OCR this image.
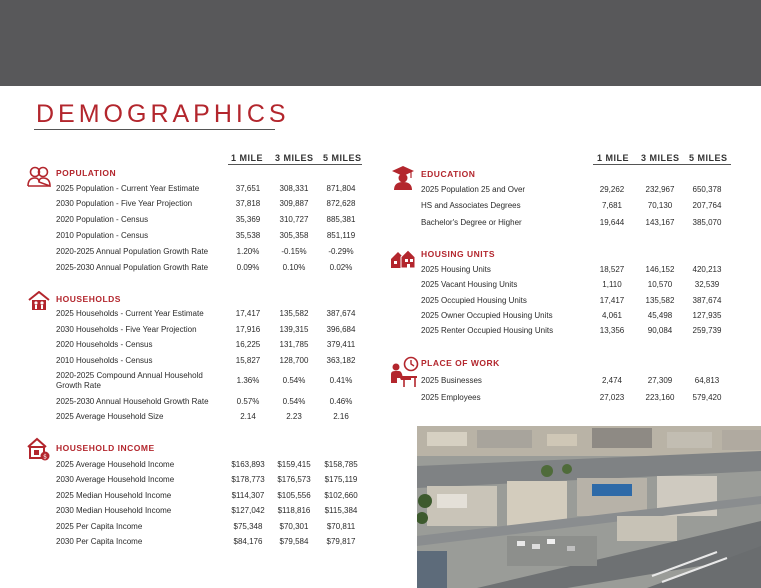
DEMOGRAPHICS
1 MILE 3 MILES 5 MILES	1 MILE 3 MILES 5 MILES
$
POPULATION
2025 Population - Current Year Estimate	37,651	308,331	871,804
2030 Population - Five Year Projection	37,818	309,887	872,628
2020 Population - Census	35,369	310,727	885,381
2010 Population - Census	35,538	305,358	851,119
2020-2025 Annual Population Growth Rate	1.20%	-0.15%	-0.29%
2025-2030 Annual Population Growth Rate	0.09%	0.10%	0.02%
HOUSEHOLDS
2025 Households - Current Year Estimate	17,417	135,582	387,674
2030 Households - Five Year Projection	17,916	139,315	396,684
2020 Households - Census	16,225	131,785	379,411
2010 Households - Census	15,827	128,700	363,182
2020-2025 Compound Annual Household
Growth Rate
1.36%	0.54%	0.41%
2025-2030 Annual Household Growth Rate	0.57%	0.54%	0.46%
2025 Average Household Size	2.14	2.23	2.16
HOUSEHOLD INCOME
2025 Average Household Income	$163,893	$159,415	$158,785
2030 Average Household Income	$178,773	$176,573	$175,119
2025 Median Household Income	$114,307	$105,556	$102,660
2030 Median Household Income	$127,042	$118,816	$115,384
2025 Per Capita Income	$75,348	$70,301	$70,811
2030 Per Capita Income	$84,176	$79,584	$79,817
EDUCATION
2025 Population 25 and Over	29,262	232,967	650,378
HS and Associates Degrees	7,681	70,130	207,764
Bachelor's Degree or Higher	19,644	143,167	385,070
HOUSING UNITS
2025 Housing Units	18,527	146,152	420,213
2025 Vacant Housing Units	1,110	10,570	32,539
2025 Occupied Housing Units	17,417	135,582	387,674
2025 Owner Occupied Housing Units	4,061	45,498	127,935
2025 Renter Occupied Housing Units	13,356	90,084	259,739
PLACE OF WORK
2025 Businesses	2,474	27,309	64,813
2025 Employees	27,023	223,160	579,420
